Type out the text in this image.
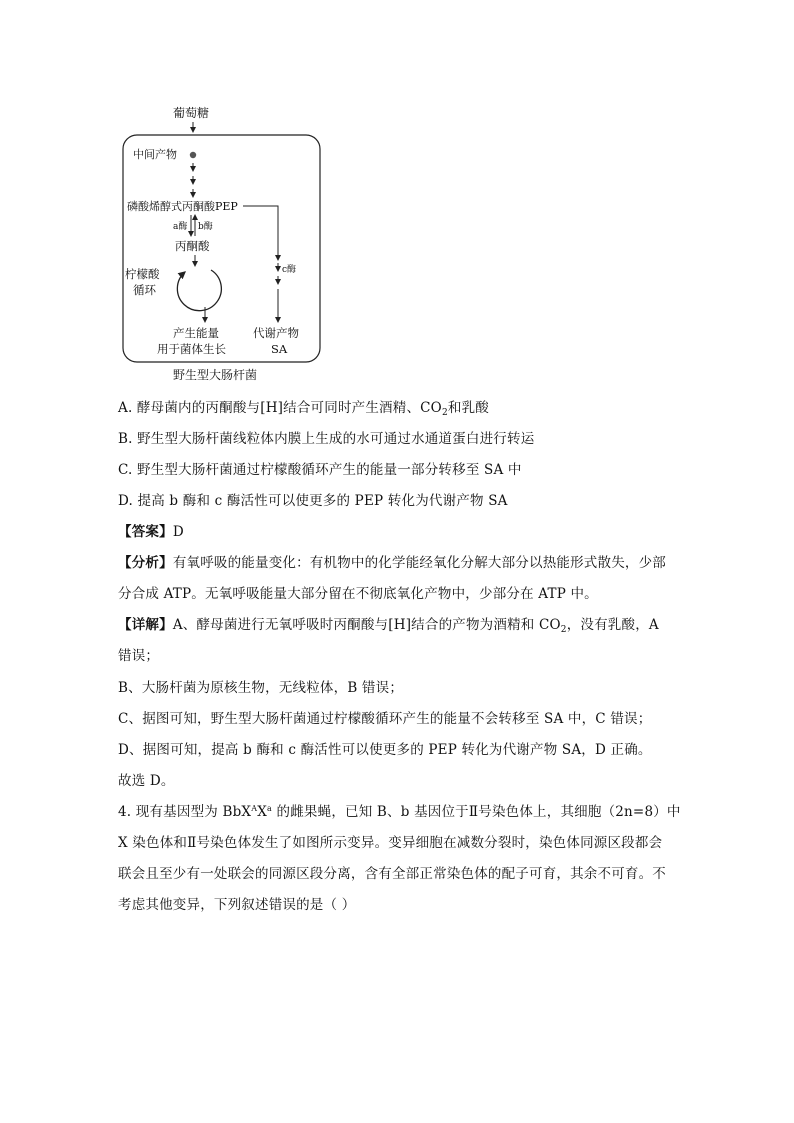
葡萄糖
中间产物
磷酸烯醇式丙酮酸PEP
a酶 b酶
丙酮酸
柠檬酸
循环
产生能量
用于菌体生长
c酶
代谢产物
SA
野生型大肠杆菌
A. 酵母菌内的丙酮酸与[H]结合可同时产生酒精、$CO_2$和乳酸
B. 野生型大肠杆菌线粒体内膜上生成的水可通过水通道蛋白进行转运
C. 野生型大肠杆菌通过柠檬酸循环产生的能量一部分转移至 SA 中
D. 提高 b 酶和 c 酶活性可以使更多的 PEP 转化为代谢产物 SA
【答案】D
【分析】有氧呼吸的能量变化：有机物中的化学能经氧化分解大部分以热能形式散失，少部
分合成 ATP。无氧呼吸能量大部分留在不彻底氧化产物中，少部分在 ATP 中。
【详解】A、酵母菌进行无氧呼吸时丙酮酸与[H]结合的产物为酒精和 $CO_2$，没有乳酸，A
错误；
B、大肠杆菌为原核生物，无线粒体，B 错误；
C、据图可知，野生型大肠杆菌通过柠檬酸循环产生的能量不会转移至 SA 中，C 错误；
D、据图可知，提高 b 酶和 c 酶活性可以使更多的 PEP 转化为代谢产物 SA，D 正确。
故选 D。
4. 现有基因型为 $BbX^AX^a$ 的雌果蝇，已知 B、b 基因位于Ⅱ号染色体上，其细胞（2n=8）中
X 染色体和Ⅱ号染色体发生了如图所示变异。变异细胞在减数分裂时，染色体同源区段都会
联会且至少有一处联会的同源区段分离，含有全部正常染色体的配子可育，其余不可育。不
考虑其他变异，下列叙述错误的是（ ）
